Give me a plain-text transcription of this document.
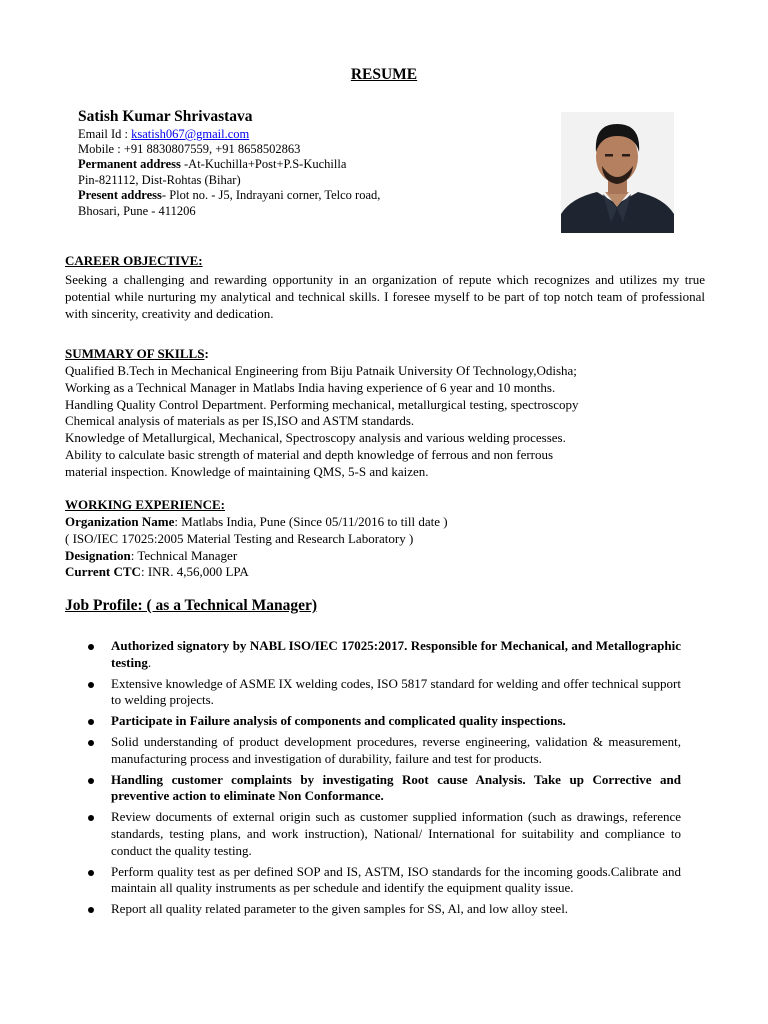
RESUME
Satish Kumar Shrivastava
Email Id : ksatish067@gmail.com
Mobile : +91 8830807559, +91 8658502863
Permanent address -At-Kuchilla+Post+P.S-Kuchilla
Pin-821112, Dist-Rohtas (Bihar)
Present address- Plot no. - J5, Indrayani corner, Telco road,
Bhosari, Pune - 411206
CAREER OBJECTIVE:
Seeking a challenging and rewarding opportunity in an organization of repute which recognizes and utilizes my true potential while nurturing my analytical and technical skills. I foresee myself to be part of top notch team of professional with sincerity, creativity and dedication.
SUMMARY OF SKILLS:
Qualified B.Tech in Mechanical Engineering from Biju Patnaik University Of Technology,Odisha;
Working as a Technical Manager in Matlabs India having experience of 6 year and 10 months.
Handling Quality Control Department. Performing mechanical, metallurgical testing, spectroscopy
Chemical analysis of materials as per IS,ISO and ASTM standards.
Knowledge of Metallurgical, Mechanical, Spectroscopy analysis and various welding processes.
Ability to calculate basic strength of material and depth knowledge of ferrous and non ferrous
material inspection. Knowledge of maintaining QMS, 5-S and kaizen.
WORKING EXPERIENCE:
Organization Name: Matlabs India, Pune (Since 05/11/2016 to till date )
( ISO/IEC 17025:2005 Material Testing and Research Laboratory )
Designation: Technical Manager
Current CTC: INR. 4,56,000 LPA
Job Profile: ( as a Technical Manager)
Authorized signatory by NABL ISO/IEC 17025:2017. Responsible for Mechanical, and Metallographic testing.
Extensive knowledge of ASME IX welding codes, ISO 5817 standard for welding and offer technical support to welding projects.
Participate in Failure analysis of components and complicated quality inspections.
Solid understanding of product development procedures, reverse engineering, validation & measurement, manufacturing process and investigation of durability, failure and test for products.
Handling customer complaints by investigating Root cause Analysis. Take up Corrective and preventive action to eliminate Non Conformance.
Review documents of external origin such as customer supplied information (such as drawings, reference standards, testing plans, and work instruction), National/ International for suitability and compliance to conduct the quality testing.
Perform quality test as per defined SOP and IS, ASTM, ISO standards for the incoming goods.Calibrate and maintain all quality instruments as per schedule and identify the equipment quality issue.
Report all quality related parameter to the given samples for SS, Al, and low alloy steel.
